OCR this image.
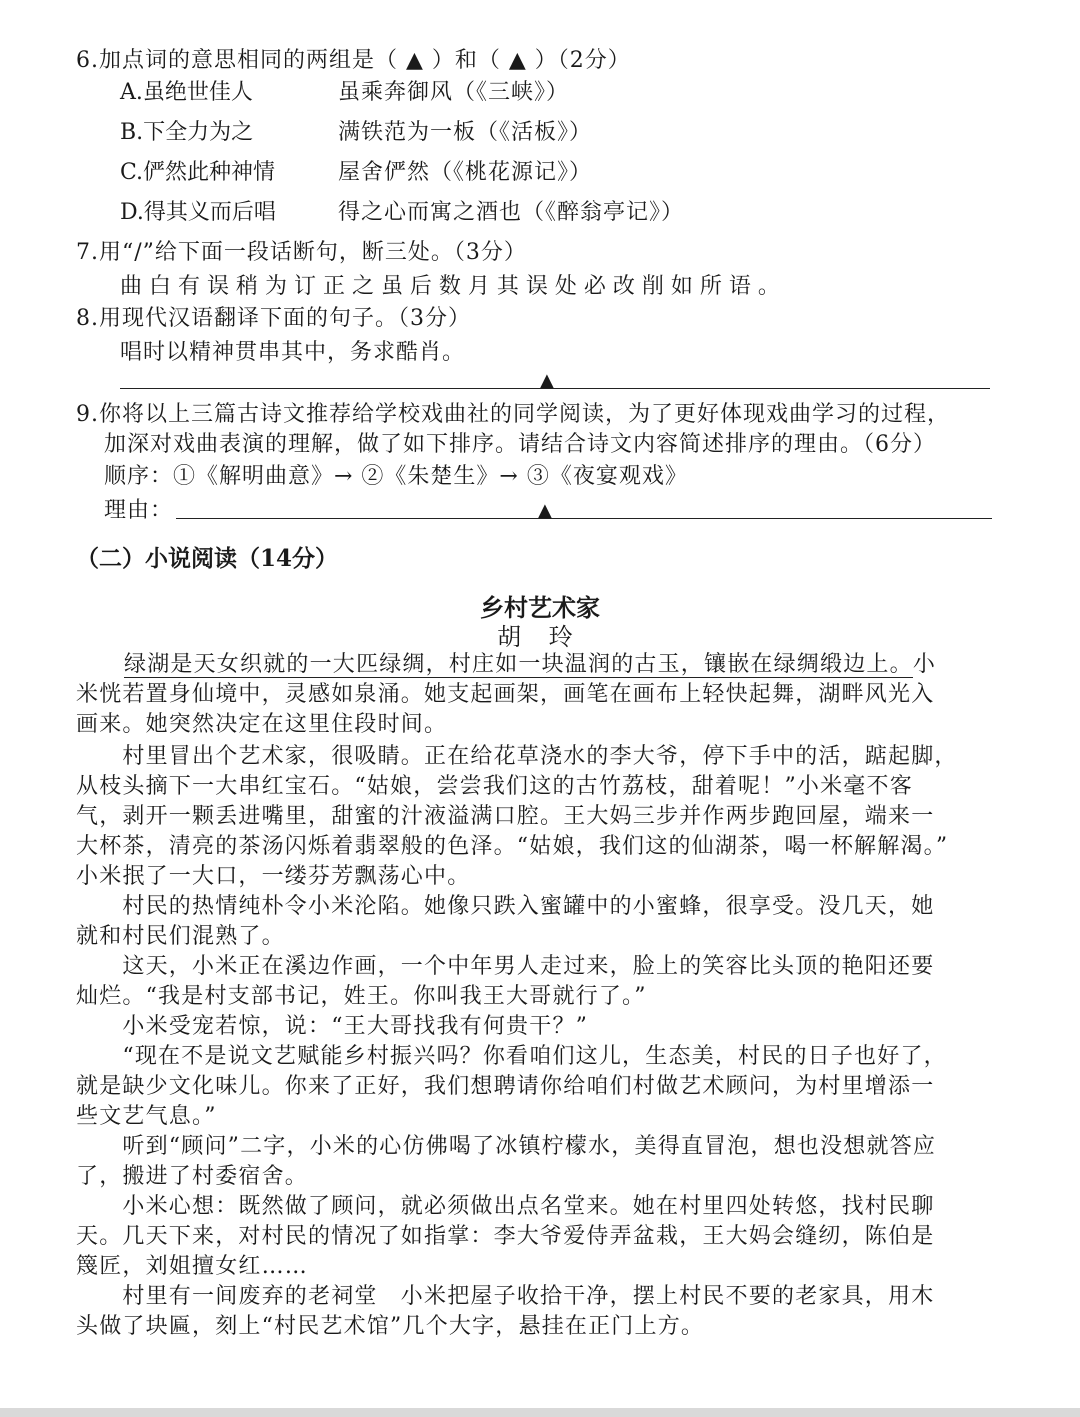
6.加点词的意思相同的两组是（ ▲ ）和（ ▲ ）（2分）
A.虽绝世佳人	虽乘奔御风（《三峡》）
B.下全力为之	满铁范为一板（《活板》）
C.俨然此种神情	屋舍俨然（《桃花源记》）
D.得其义而后唱	得之心而寓之酒也（《醉翁亭记》）
7.用“/”给下面一段话断句，断三处。（3分）
曲 白 有 误 稍 为 订 正 之 虽 后 数 月 其 误 处 必 改 削 如 所 语 。
8.用现代汉语翻译下面的句子。（3分）
唱时以精神贯串其中，务求酷肖。
▲
9.你将以上三篇古诗文推荐给学校戏曲社的同学阅读，为了更好体现戏曲学习的过程，
加深对戏曲表演的理解，做了如下排序。请结合诗文内容简述排序的理由。（6分）
顺序：①《解明曲意》→ ②《朱楚生》→ ③《夜宴观戏》
理由：	▲
（二）小说阅读（14分）
乡村艺术家
胡 玲
绿湖是天女织就的一大匹绿绸，村庄如一块温润的古玉，镶嵌在绿绸缎边上。小
米恍若置身仙境中，灵感如泉涌。她支起画架，画笔在画布上轻快起舞，湖畔风光入
画来。她突然决定在这里住段时间。
　　村里冒出个艺术家，很吸睛。正在给花草浇水的李大爷，停下手中的活，踮起脚，
从枝头摘下一大串红宝石。“姑娘，尝尝我们这的古竹荔枝，甜着呢！”小米毫不客
气，剥开一颗丢进嘴里，甜蜜的汁液溢满口腔。王大妈三步并作两步跑回屋，端来一
大杯茶，清亮的茶汤闪烁着翡翠般的色泽。“姑娘，我们这的仙湖茶，喝一杯解解渴。”
小米抿了一大口，一缕芬芳飘荡心中。
　　村民的热情纯朴令小米沦陷。她像只跌入蜜罐中的小蜜蜂，很享受。没几天，她
就和村民们混熟了。
　　这天，小米正在溪边作画，一个中年男人走过来，脸上的笑容比头顶的艳阳还要
灿烂。“我是村支部书记，姓王。你叫我王大哥就行了。”
　　小米受宠若惊，说：“王大哥找我有何贵干？”
　　“现在不是说文艺赋能乡村振兴吗？你看咱们这儿，生态美，村民的日子也好了，
就是缺少文化味儿。你来了正好，我们想聘请你给咱们村做艺术顾问，为村里增添一
些文艺气息。”
　　听到“顾问”二字，小米的心仿佛喝了冰镇柠檬水，美得直冒泡，想也没想就答应
了，搬进了村委宿舍。
　　小米心想：既然做了顾问，就必须做出点名堂来。她在村里四处转悠，找村民聊
天。几天下来，对村民的情况了如指掌：李大爷爱侍弄盆栽，王大妈会缝纫，陈伯是
篾匠，刘姐擅女红……
　　村里有一间废弃的老祠堂　小米把屋子收拾干净，摆上村民不要的老家具，用木
头做了块匾，刻上“村民艺术馆”几个大字，悬挂在正门上方。
